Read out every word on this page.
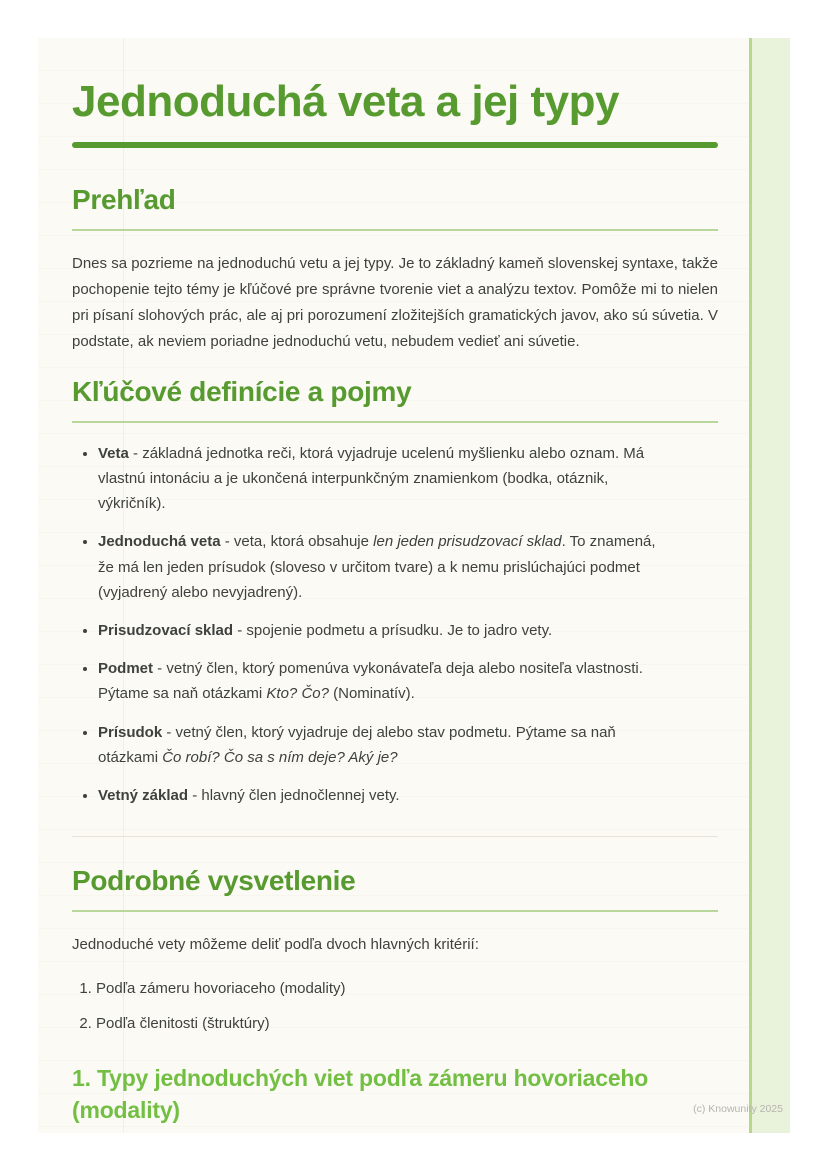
Jednoduchá veta a jej typy
Prehľad

Dnes sa pozrieme na jednoduchú vetu a jej typy. Je to základný kameň slovenskej syntaxe, takže pochopenie tejto témy je kľúčové pre správne tvorenie viet a analýzu textov. Pomôže mi to nielen pri písaní slohových prác, ale aj pri porozumení zložitejších gramatických javov, ako sú súvetia. V podstate, ak neviem poriadne jednoduchú vetu, nebudem vedieť ani súvetie.

Kľúčové definície a pojmy
• Veta - základná jednotka reči, ktorá vyjadruje ucelenú myšlienku alebo oznam. Má vlastnú intonáciu a je ukončená interpunkčným znamienkom (bodka, otáznik, výkričník).
• Jednoduchá veta - veta, ktorá obsahuje len jeden prisudzovací sklad. To znamená, že má len jeden prísudok (sloveso v určitom tvare) a k nemu prislúchajúci podmet (vyjadrený alebo nevyjadrený).
• Prisudzovací sklad - spojenie podmetu a prísudku. Je to jadro vety.
• Podmet - vetný člen, ktorý pomenúva vykonávateľa deja alebo nositeľa vlastnosti. Pýtame sa naň otázkami Kto? Čo? (Nominatív).
• Prísudok - vetný člen, ktorý vyjadruje dej alebo stav podmetu. Pýtame sa naň otázkami Čo robí? Čo sa s ním deje? Aký je?
• Vetný základ - hlavný člen jednočlennej vety.
Podrobné vysvetlenie

Jednoduché vety môžeme deliť podľa dvoch hlavných kritérií:

1. Podľa zámeru hovoriaceho (modality)
2. Podľa členitosti (štruktúry)
1. Typy jednoduchých viet podľa zámeru hovoriaceho (modality)	(c) Knowunity 2025
